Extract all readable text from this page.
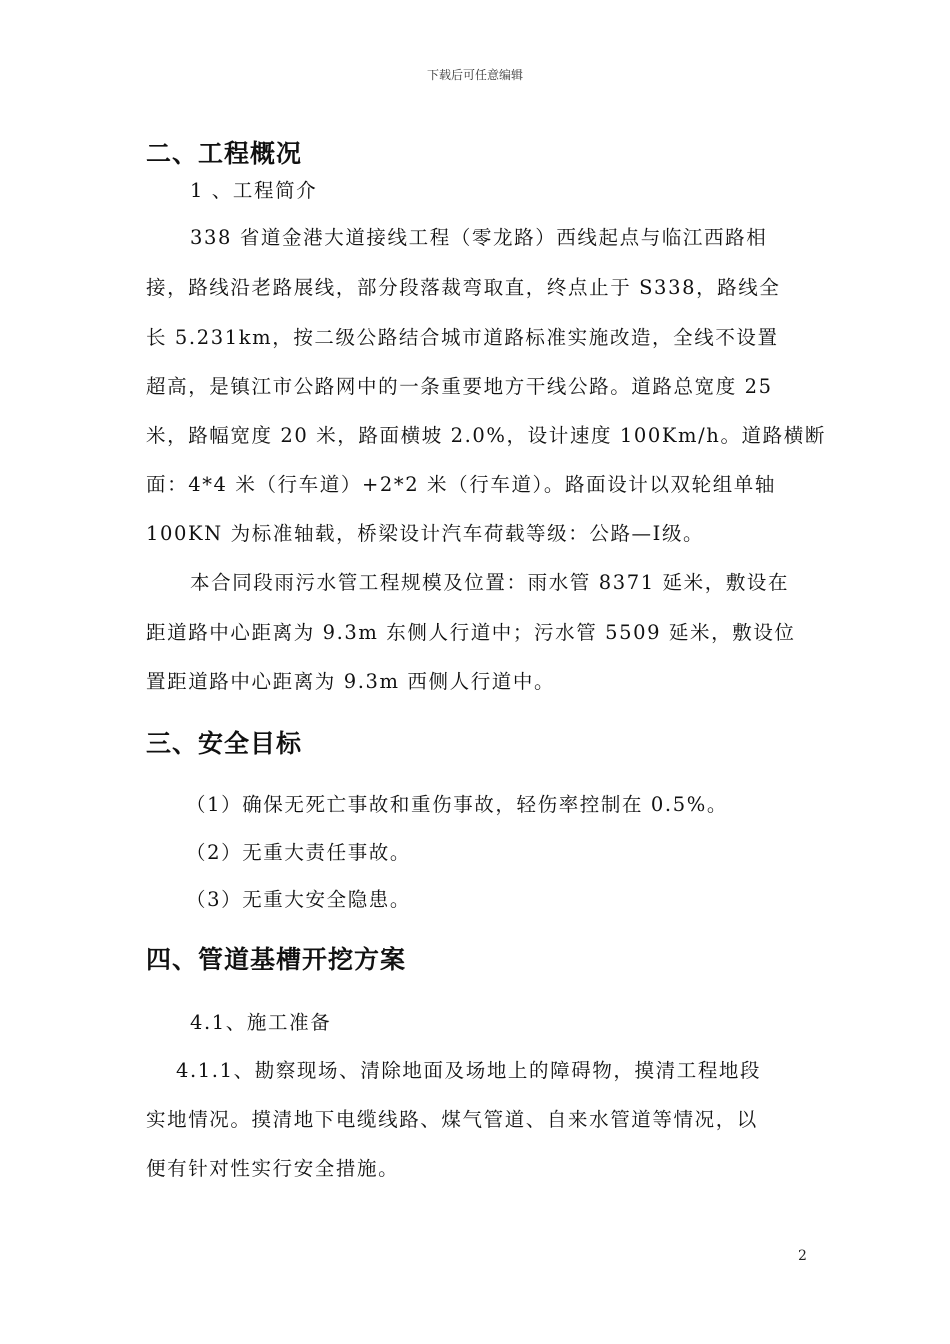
下载后可任意编辑
二、工程概况
1 、工程简介
338 省道金港大道接线工程（零龙路）西线起点与临江西路相
接，路线沿老路展线，部分段落裁弯取直，终点止于 S338，路线全
长 5.231km，按二级公路结合城市道路标准实施改造，全线不设置
超高，是镇江市公路网中的一条重要地方干线公路。道路总宽度 25
米，路幅宽度 20 米，路面横坡 2.0%，设计速度 100Km/h。道路横断
面：4*4 米（行车道）+2*2 米（行车道）。路面设计以双轮组单轴
100KN 为标准轴载，桥梁设计汽车荷载等级：公路—Ⅰ级。
本合同段雨污水管工程规模及位置：雨水管 8371 延米，敷设在
距道路中心距离为 9.3m 东侧人行道中；污水管 5509 延米，敷设位
置距道路中心距离为 9.3m 西侧人行道中。
三、安全目标
（1）确保无死亡事故和重伤事故，轻伤率控制在 0.5%。
（2）无重大责任事故。
（3）无重大安全隐患。
四、管道基槽开挖方案
4.1、施工准备
4.1.1、勘察现场、清除地面及场地上的障碍物，摸清工程地段
实地情况。摸清地下电缆线路、煤气管道、自来水管道等情况，以
便有针对性实行安全措施。
2
